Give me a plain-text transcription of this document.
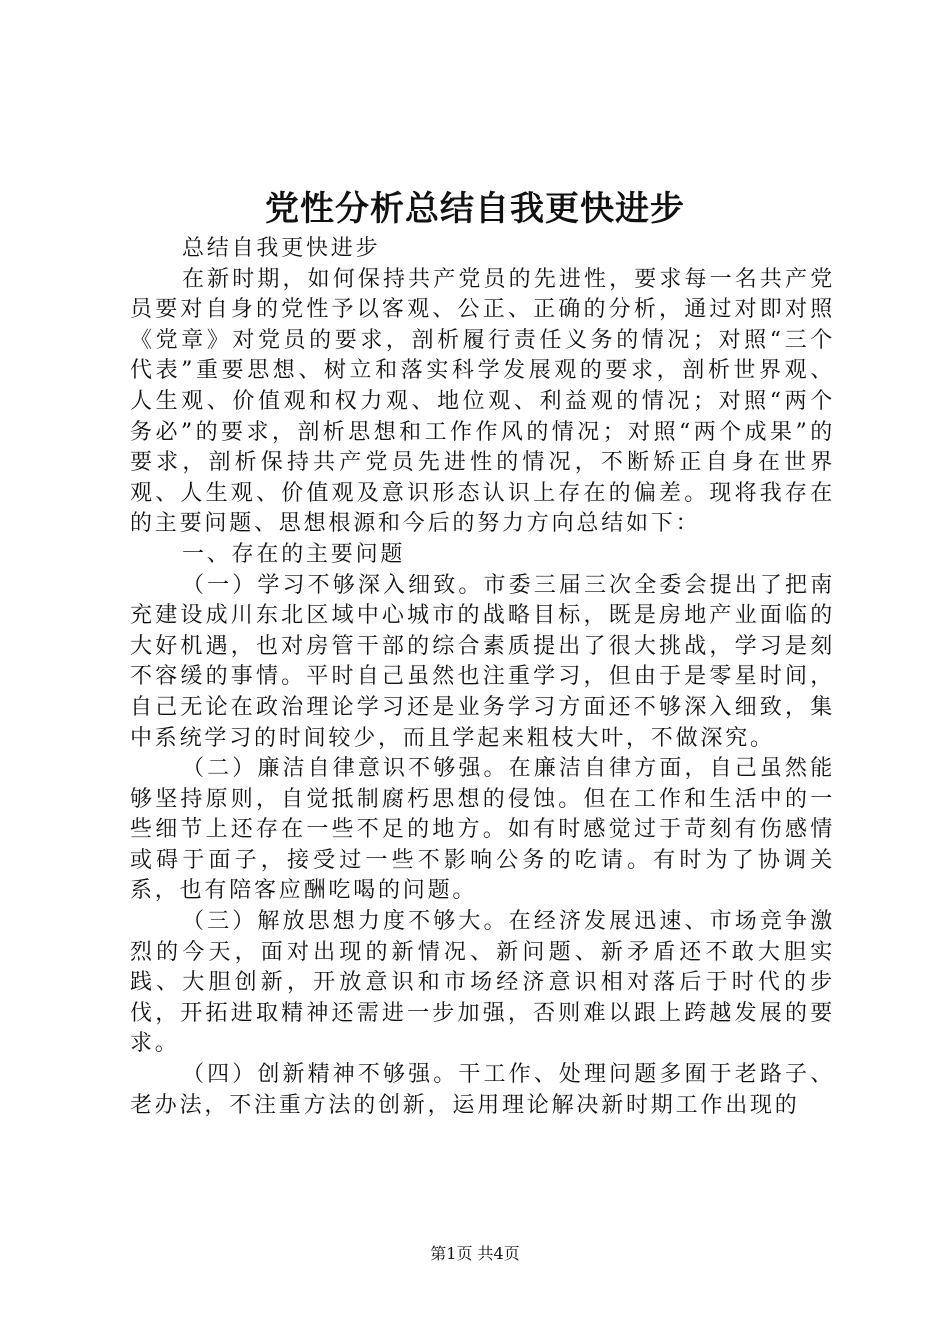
党性分析总结自我更快进步

总结自我更快进步

在新时期，如何保持共产党员的先进性，要求每一名共产党员要对自身的党性予以客观、公正、正确的分析，通过对即对照《党章》对党员的要求，剖析履行责任义务的情况；对照“三个代表”重要思想、树立和落实科学发展观的要求，剖析世界观、人生观、价值观和权力观、地位观、利益观的情况；对照“两个务必”的要求，剖析思想和工作作风的情况；对照“两个成果”的要求，剖析保持共产党员先进性的情况，不断矫正自身在世界观、人生观、价值观及意识形态认识上存在的偏差。现将我存在的主要问题、思想根源和今后的努力方向总结如下：

一、存在的主要问题

（一）学习不够深入细致。市委三届三次全委会提出了把南充建设成川东北区域中心城市的战略目标，既是房地产业面临的大好机遇，也对房管干部的综合素质提出了很大挑战，学习是刻不容缓的事情。平时自己虽然也注重学习，但由于是零星时间，自己无论在政治理论学习还是业务学习方面还不够深入细致，集中系统学习的时间较少，而且学起来粗枝大叶，不做深究。

（二）廉洁自律意识不够强。在廉洁自律方面，自己虽然能够坚持原则，自觉抵制腐朽思想的侵蚀。但在工作和生活中的一些细节上还存在一些不足的地方。如有时感觉过于苛刻有伤感情或碍于面子，接受过一些不影响公务的吃请。有时为了协调关系，也有陪客应酬吃喝的问题。

（三）解放思想力度不够大。在经济发展迅速、市场竞争激烈的今天，面对出现的新情况、新问题、新矛盾还不敢大胆实践、大胆创新，开放意识和市场经济意识相对落后于时代的步伐，开拓进取精神还需进一步加强，否则难以跟上跨越发展的要求。

（四）创新精神不够强。干工作、处理问题多囿于老路子、老办法，不注重方法的创新，运用理论解决新时期工作出现的

第1页 共4页
